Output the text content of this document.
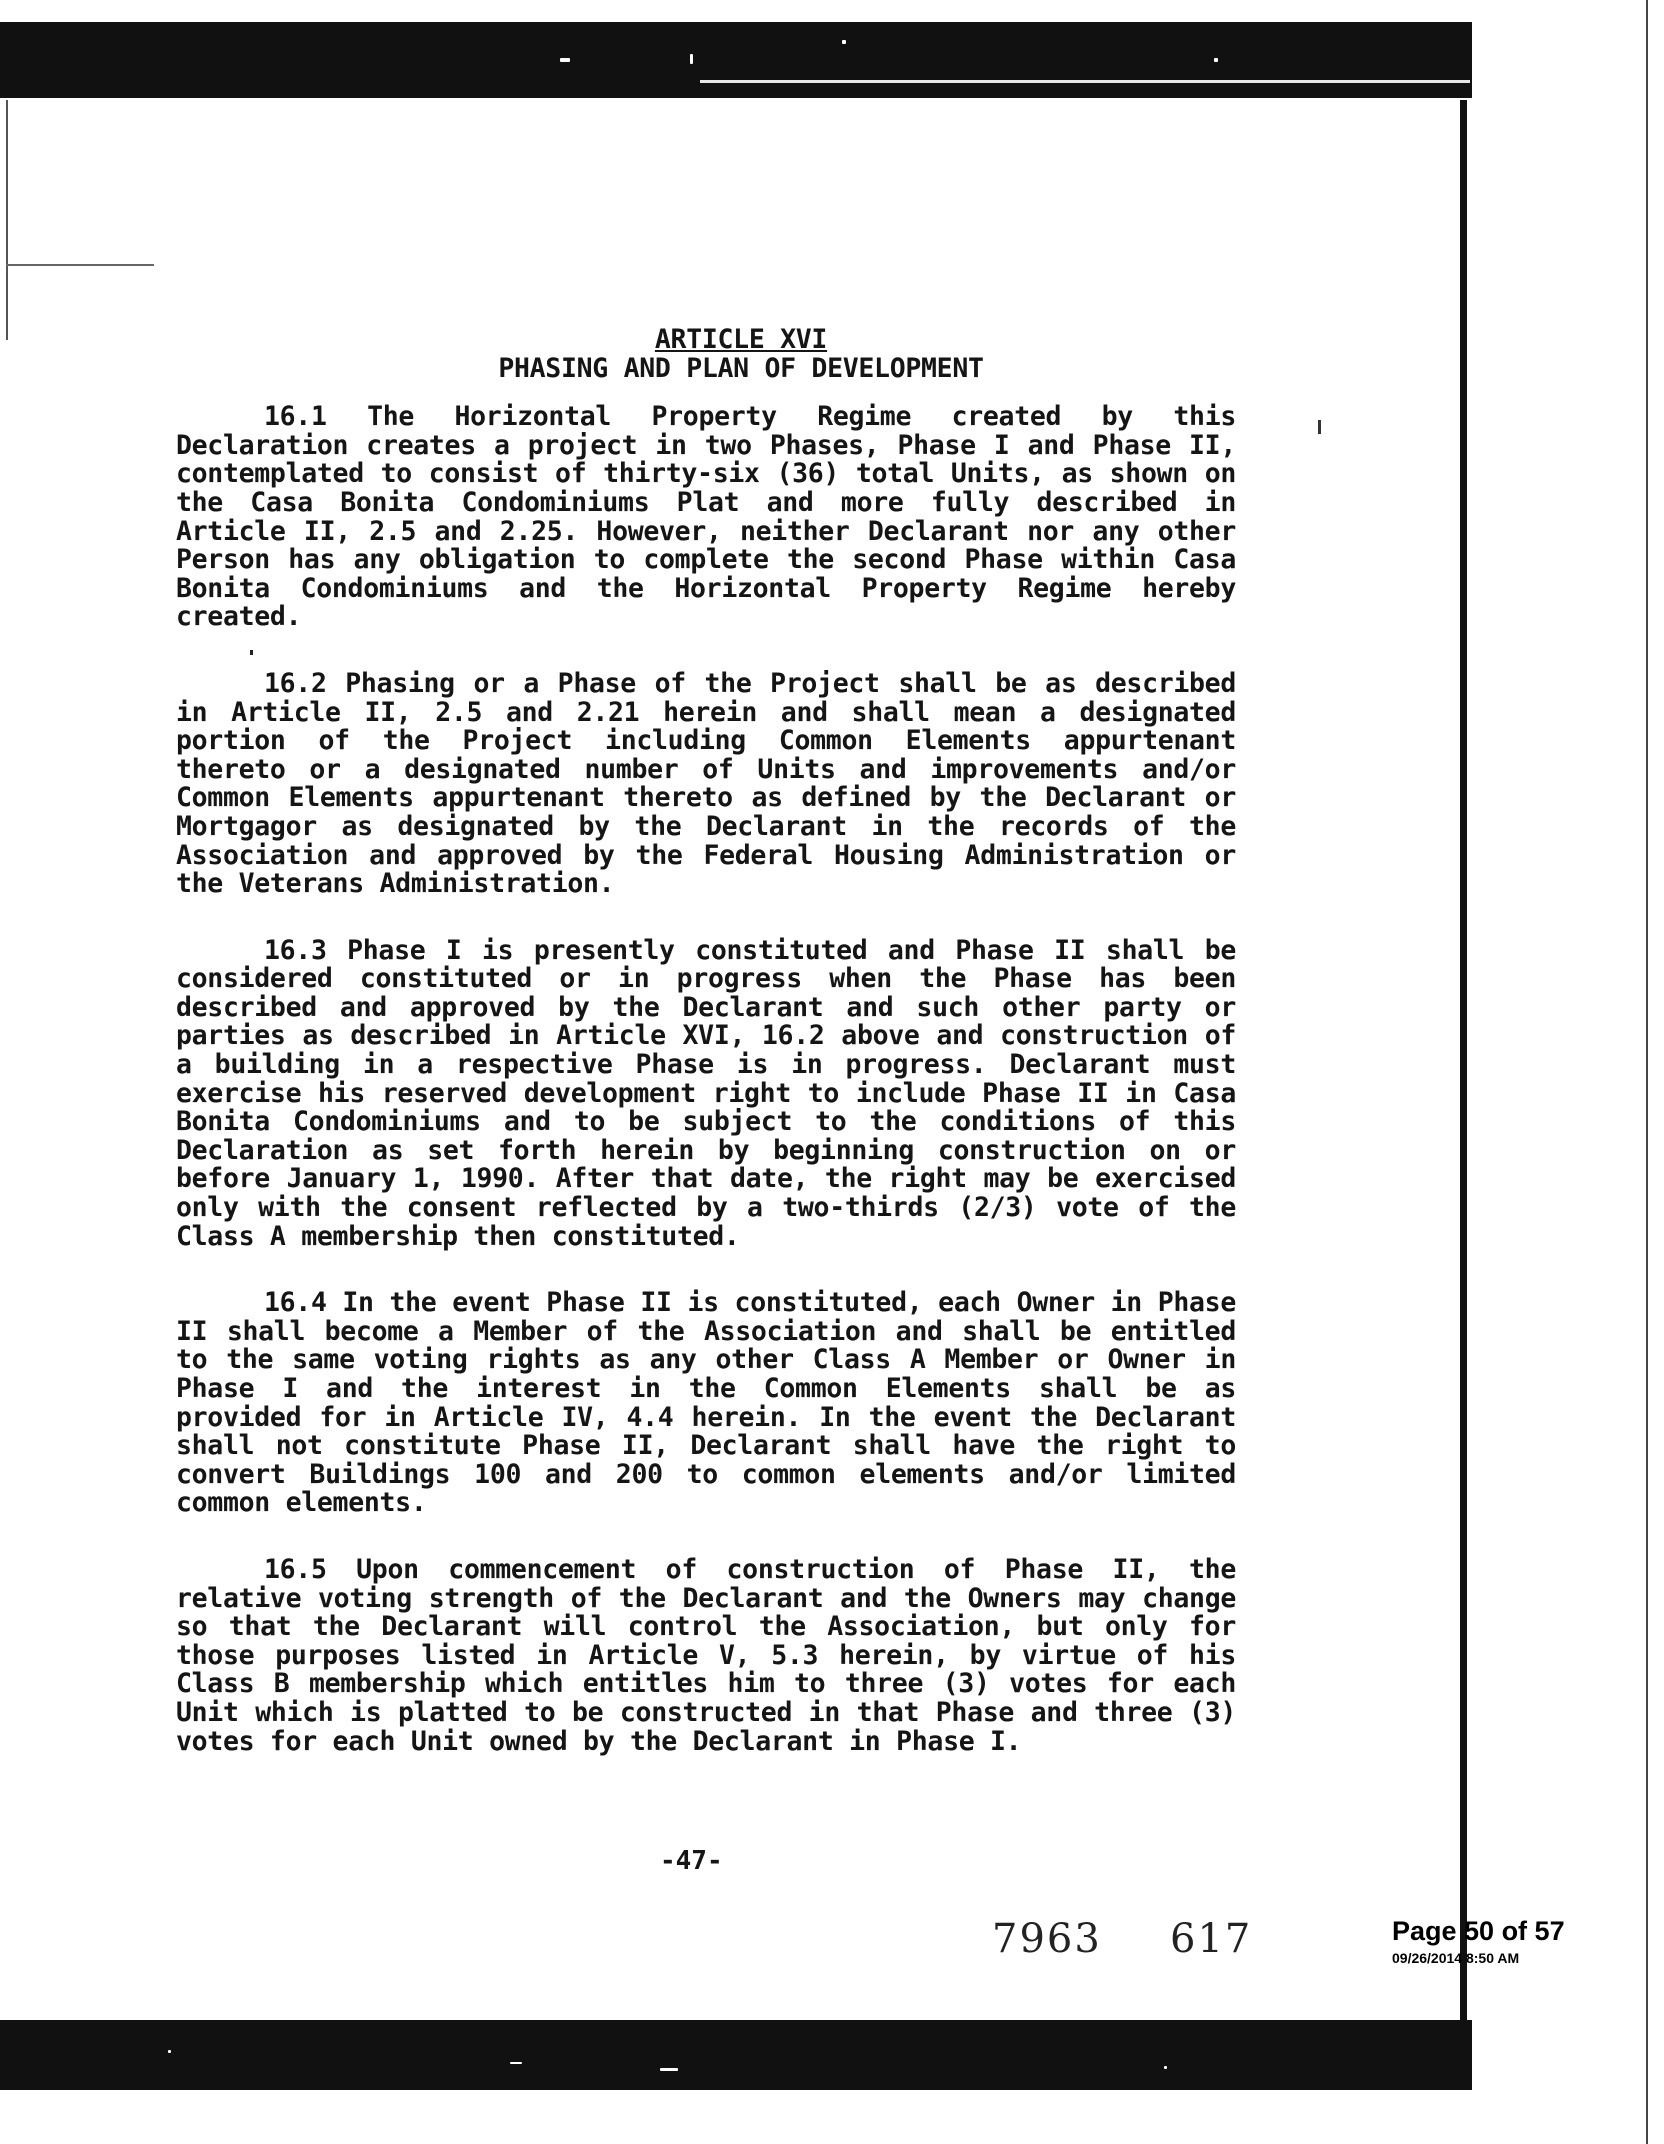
ARTICLE XVI
PHASING AND PLAN OF DEVELOPMENT

16.1 The Horizontal Property Regime created by this Declaration creates a project in two Phases, Phase I and Phase II, contemplated to consist of thirty-six (36) total Units, as shown on the Casa Bonita Condominiums Plat and more fully described in Article II, 2.5 and 2.25. However, neither Declarant nor any other Person has any obligation to complete the second Phase within Casa Bonita Condominiums and the Horizontal Property Regime hereby created.

16.2 Phasing or a Phase of the Project shall be as described in Article II, 2.5 and 2.21 herein and shall mean a designated portion of the Project including Common Elements appurtenant thereto or a designated number of Units and improvements and/or Common Elements appurtenant thereto as defined by the Declarant or Mortgagor as designated by the Declarant in the records of the Association and approved by the Federal Housing Administration or the Veterans Administration.

16.3 Phase I is presently constituted and Phase II shall be considered constituted or in progress when the Phase has been described and approved by the Declarant and such other party or parties as described in Article XVI, 16.2 above and construction of a building in a respective Phase is in progress. Declarant must exercise his reserved development right to include Phase II in Casa Bonita Condominiums and to be subject to the conditions of this Declaration as set forth herein by beginning construction on or before January 1, 1990. After that date, the right may be exercised only with the consent reflected by a two-thirds (2/3) vote of the Class A membership then constituted.

16.4 In the event Phase II is constituted, each Owner in Phase II shall become a Member of the Association and shall be entitled to the same voting rights as any other Class A Member or Owner in Phase I and the interest in the Common Elements shall be as provided for in Article IV, 4.4 herein. In the event the Declarant shall not constitute Phase II, Declarant shall have the right to convert Buildings 100 and 200 to common elements and/or limited common elements.

16.5 Upon commencement of construction of Phase II, the relative voting strength of the Declarant and the Owners may change so that the Declarant will control the Association, but only for those purposes listed in Article V, 5.3 herein, by virtue of his Class B membership which entitles him to three (3) votes for each Unit which is platted to be constructed in that Phase and three (3) votes for each Unit owned by the Declarant in Phase I.

-47-
7963 617	Page 50 of 57
09/26/2014 8:50 AM
